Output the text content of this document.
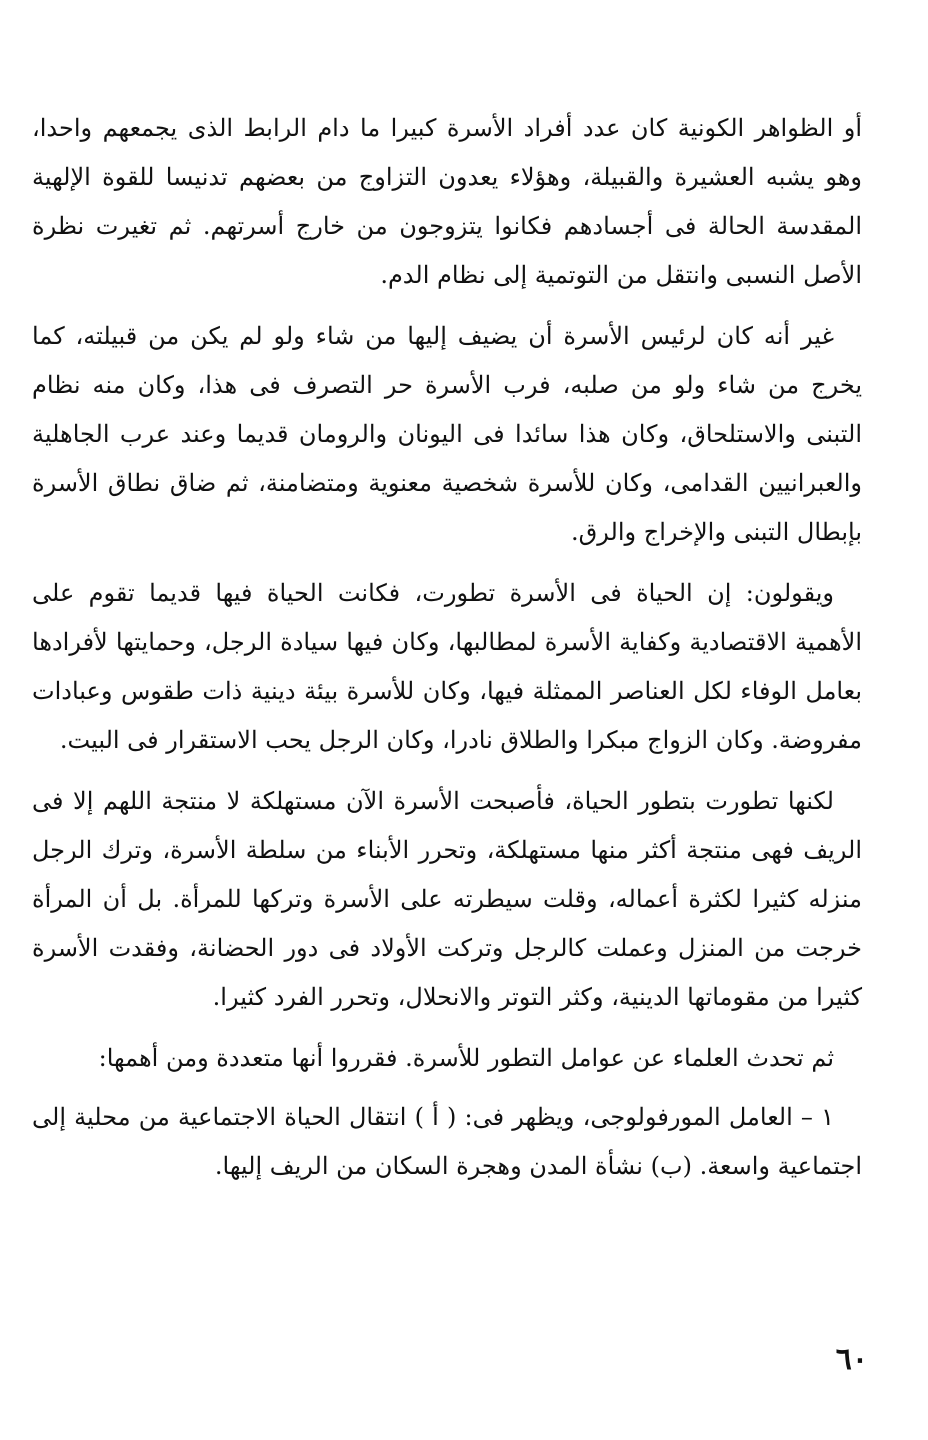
أو الظواهر الكونية كان عدد أفراد الأسرة كبيرا ما دام الرابط الذى يجمعهم واحدا، وهو يشبه العشيرة والقبيلة، وهؤلاء يعدون التزاوج من بعضهم تدنيسا للقوة الإلهية المقدسة الحالة فى أجسادهم فكانوا يتزوجون من خارج أسرتهم. ثم تغيرت نظرة الأصل النسبى وانتقل من التوتمية إلى نظام الدم.

غير أنه كان لرئيس الأسرة أن يضيف إليها من شاء ولو لم يكن من قبيلته، كما يخرج من شاء ولو من صلبه، فرب الأسرة حر التصرف فى هذا، وكان منه نظام التبنى والاستلحاق، وكان هذا سائدا فى اليونان والرومان قديما وعند عرب الجاهلية والعبرانيين القدامى، وكان للأسرة شخصية معنوية ومتضامنة، ثم ضاق نطاق الأسرة بإبطال التبنى والإخراج والرق.

ويقولون: إن الحياة فى الأسرة تطورت، فكانت الحياة فيها قديما تقوم على الأهمية الاقتصادية وكفاية الأسرة لمطالبها، وكان فيها سيادة الرجل، وحمايتها لأفرادها بعامل الوفاء لكل العناصر الممثلة فيها، وكان للأسرة بيئة دينية ذات طقوس وعبادات مفروضة. وكان الزواج مبكرا والطلاق نادرا، وكان الرجل يحب الاستقرار فى البيت.

لكنها تطورت بتطور الحياة، فأصبحت الأسرة الآن مستهلكة لا منتجة اللهم إلا فى الريف فهى منتجة أكثر منها مستهلكة، وتحرر الأبناء من سلطة الأسرة، وترك الرجل منزله كثيرا لكثرة أعماله، وقلت سيطرته على الأسرة وتركها للمرأة. بل أن المرأة خرجت من المنزل وعملت كالرجل وتركت الأولاد فى دور الحضانة، وفقدت الأسرة كثيرا من مقوماتها الدينية، وكثر التوتر والانحلال، وتحرر الفرد كثيرا.

ثم تحدث العلماء عن عوامل التطور للأسرة. فقرروا أنها متعددة ومن أهمها:

١ – العامل المورفولوجى، ويظهر فى: ( أ ) انتقال الحياة الاجتماعية من محلية إلى اجتماعية واسعة. (ب) نشأة المدن وهجرة السكان من الريف إليها.

٦٠
